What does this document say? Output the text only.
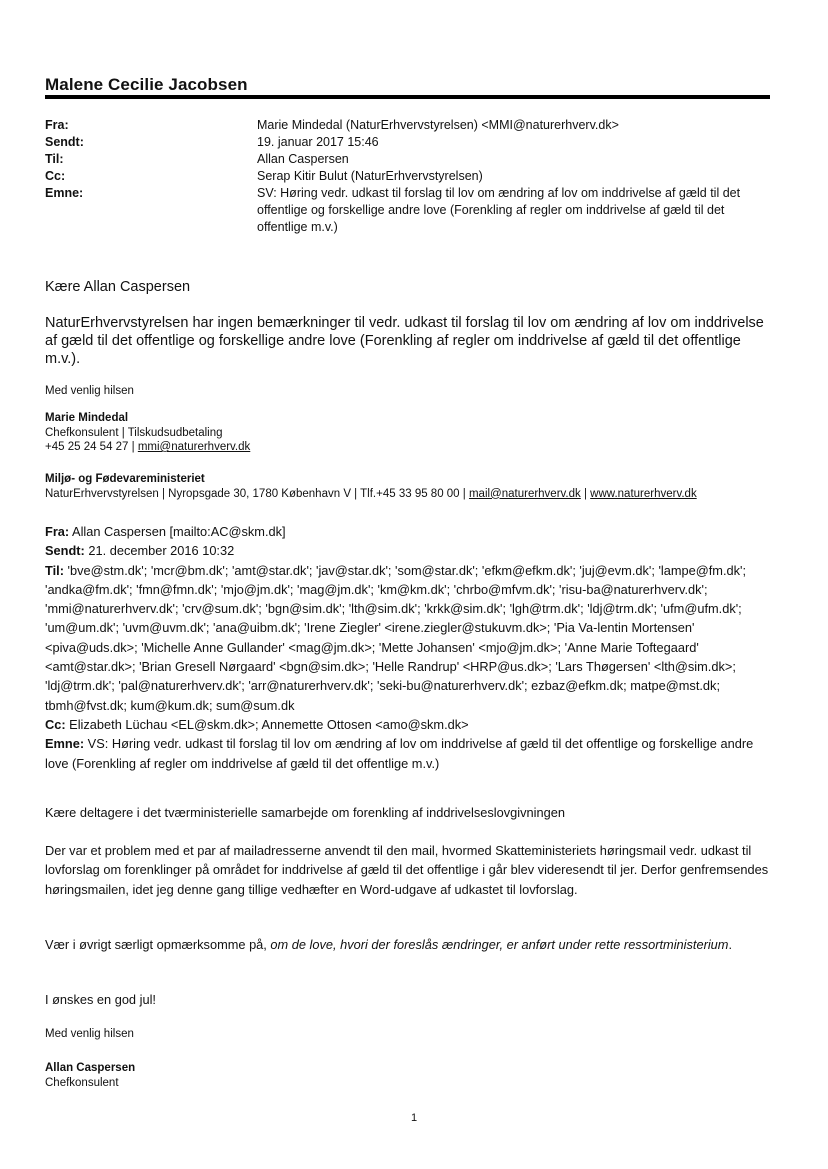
Malene Cecilie Jacobsen
Fra:	Marie Mindedal (NaturErhvervstyrelsen) <MMI@naturerhverv.dk>
Sendt:	19. januar 2017 15:46
Til:	Allan Caspersen
Cc:	Serap Kitir Bulut (NaturErhvervstyrelsen)
Emne:	SV: Høring vedr. udkast til forslag til lov om ændring af lov om inddrivelse af gæld til det offentlige og forskellige andre love (Forenkling af regler om inddrivelse af gæld til det offentlige m.v.)
Kære Allan Caspersen
NaturErhvervstyrelsen har ingen bemærkninger til vedr. udkast til forslag til lov om ændring af lov om inddrivelse af gæld til det offentlige og forskellige andre love (Forenkling af regler om inddrivelse af gæld til det offentlige m.v.).
Med venlig hilsen
Marie Mindedal
Chefkonsulent | Tilskudsudbetaling
+45 25 24 54 27 | mmi@naturerhverv.dk
Miljø- og Fødevareministeriet
NaturErhvervstyrelsen | Nyropsgade 30, 1780 København V | Tlf.+45 33 95 80 00 | mail@naturerhverv.dk | www.naturerhverv.dk
Fra: Allan Caspersen [mailto:AC@skm.dk]
Sendt: 21. december 2016 10:32
Til: 'bve@stm.dk'; 'mcr@bm.dk'; 'amt@star.dk'; 'jav@star.dk'; 'som@star.dk'; 'efkm@efkm.dk'; 'juj@evm.dk'; 'lampe@fm.dk'; 'andka@fm.dk'; 'fmn@fmn.dk'; 'mjo@jm.dk'; 'mag@jm.dk'; 'km@km.dk'; 'chrbo@mfvm.dk'; 'risu-ba@naturerhverv.dk'; 'mmi@naturerhverv.dk'; 'crv@sum.dk'; 'bgn@sim.dk'; 'lth@sim.dk'; 'krkk@sim.dk'; 'lgh@trm.dk'; 'ldj@trm.dk'; 'ufm@ufm.dk'; 'um@um.dk'; 'uvm@uvm.dk'; 'ana@uibm.dk'; 'Irene Ziegler' <irene.ziegler@stukuvm.dk>; 'Pia Va-lentin Mortensen' <piva@uds.dk>; 'Michelle Anne Gullander' <mag@jm.dk>; 'Mette Johansen' <mjo@jm.dk>; 'Anne Marie Toftegaard' <amt@star.dk>; 'Brian Gresell Nørgaard' <bgn@sim.dk>; 'Helle Randrup' <HRP@us.dk>; 'Lars Thøgersen' <lth@sim.dk>; 'ldj@trm.dk'; 'pal@naturerhverv.dk'; 'arr@naturerhverv.dk'; 'seki-bu@naturerhverv.dk'; ezbaz@efkm.dk; matpe@mst.dk; tbmh@fvst.dk; kum@kum.dk; sum@sum.dk
Cc: Elizabeth Lüchau <EL@skm.dk>; Annemette Ottosen <amo@skm.dk>
Emne: VS: Høring vedr. udkast til forslag til lov om ændring af lov om inddrivelse af gæld til det offentlige og forskellige andre love (Forenkling af regler om inddrivelse af gæld til det offentlige m.v.)
Kære deltagere i det tværministerielle samarbejde om forenkling af inddrivelseslovgivningen
Der var et problem med et par af mailadresserne anvendt til den mail, hvormed Skatteministeriets høringsmail vedr. udkast til lovforslag om forenklinger på området for inddrivelse af gæld til det offentlige i går blev videresendt til jer. Derfor genfremsendes høringsmailen, idet jeg denne gang tillige vedhæfter en Word-udgave af udkastet til lovforslag.
Vær i øvrigt særligt opmærksomme på, om de love, hvori der foreslås ændringer, er anført under rette ressortministerium.
I ønskes en god jul!
Med venlig hilsen
Allan Caspersen
Chefkonsulent
1
